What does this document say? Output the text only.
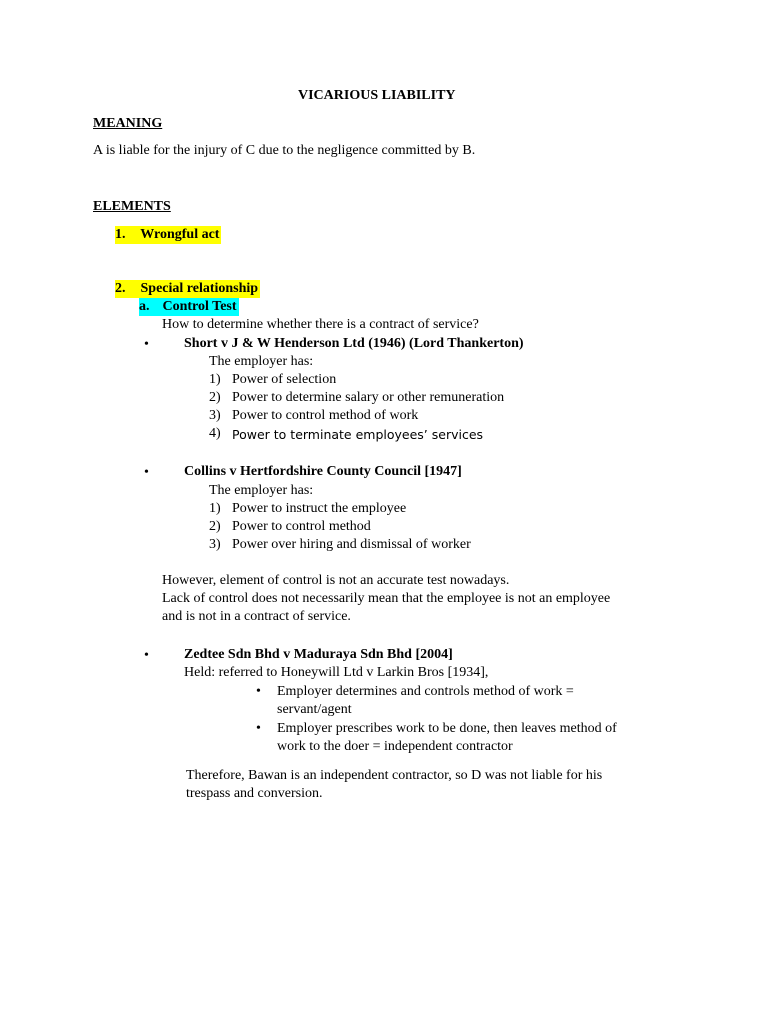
VICARIOUS LIABILITY
MEANING
A is liable for the injury of C due to the negligence committed by B.
ELEMENTS
1. Wrongful act
2. Special relationship
a. Control Test
How to determine whether there is a contract of service?
•	Short v J & W Henderson Ltd (1946) (Lord Thankerton)
The employer has:
1) Power of selection
2) Power to determine salary or other remuneration
3) Power to control method of work
4) Power to terminate employees’ services
•	Collins v Hertfordshire County Council [1947]
The employer has:
1) Power to instruct the employee
2) Power to control method
3) Power over hiring and dismissal of worker
However, element of control is not an accurate test nowadays.
Lack of control does not necessarily mean that the employee is not an employee
and is not in a contract of service.
•	Zedtee Sdn Bhd v Maduraya Sdn Bhd [2004]
Held: referred to Honeywill Ltd v Larkin Bros [1934],
• Employer determines and controls method of work =
servant/agent
• Employer prescribes work to be done, then leaves method of
work to the doer = independent contractor
Therefore, Bawan is an independent contractor, so D was not liable for his
trespass and conversion.
